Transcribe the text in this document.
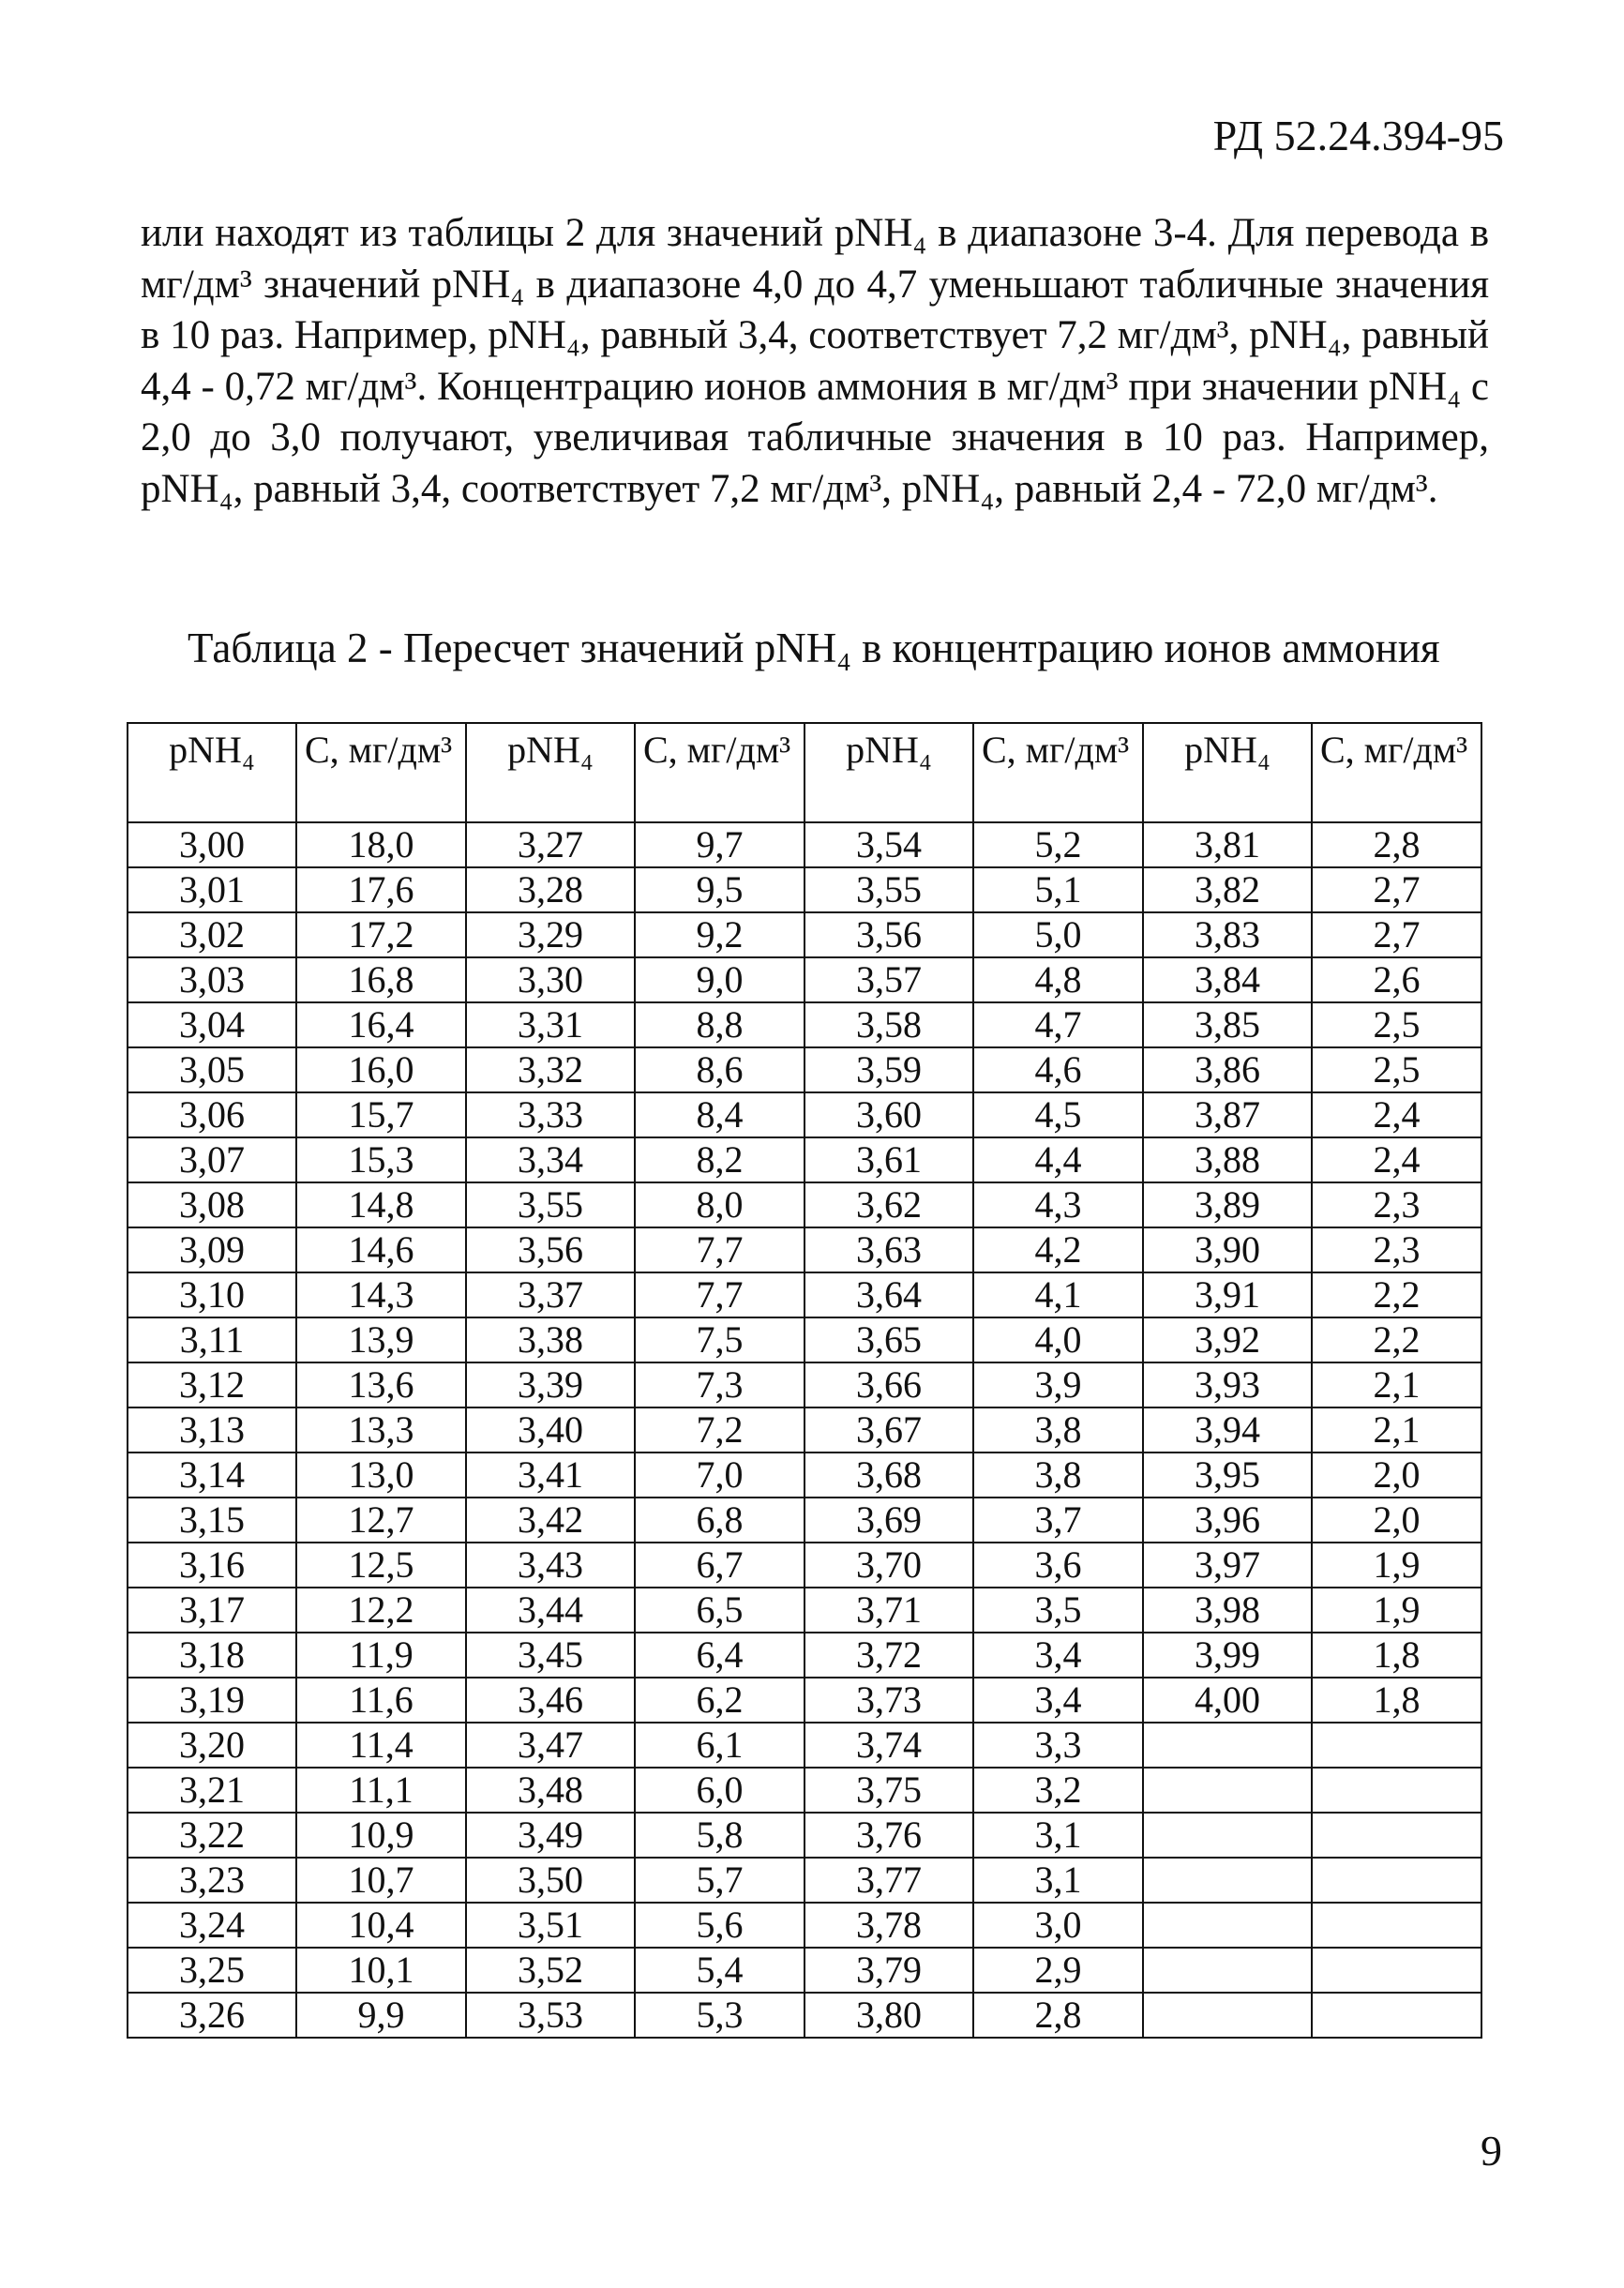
РД 52.24.394-95

или находят из таблицы 2 для значений pNH₄ в диапазоне 3-4. Для перевода в мг/дм³ значений pNH₄ в диапазоне 4,0 до 4,7 уменьшают табличные значения в 10 раз. Например, pNH₄, равный 3,4, соответствует 7,2 мг/дм³, pNH₄, равный 4,4 - 0,72 мг/дм³. Концентрацию ионов аммония в мг/дм³ при значении pNH₄ с 2,0 до 3,0 получают, увеличивая табличные значения в 10 раз. Например, pNH₄, равный 3,4, соответствует 7,2 мг/дм³, pNH₄, равный 2,4 - 72,0 мг/дм³.

Таблица 2 - Пересчет значений pNH₄ в концентрацию ионов аммония
pNH₄	С, мг/дм³	pNH₄	С, мг/дм³	pNH₄	С, мг/дм³	pNH₄	С, мг/дм³
3,00	18,0	3,27	9,7	3,54	5,2	3,81	2,8
3,01	17,6	3,28	9,5	3,55	5,1	3,82	2,7
3,02	17,2	3,29	9,2	3,56	5,0	3,83	2,7
3,03	16,8	3,30	9,0	3,57	4,8	3,84	2,6
3,04	16,4	3,31	8,8	3,58	4,7	3,85	2,5
3,05	16,0	3,32	8,6	3,59	4,6	3,86	2,5
3,06	15,7	3,33	8,4	3,60	4,5	3,87	2,4
3,07	15,3	3,34	8,2	3,61	4,4	3,88	2,4
3,08	14,8	3,55	8,0	3,62	4,3	3,89	2,3
3,09	14,6	3,56	7,7	3,63	4,2	3,90	2,3
3,10	14,3	3,37	7,7	3,64	4,1	3,91	2,2
3,11	13,9	3,38	7,5	3,65	4,0	3,92	2,2
3,12	13,6	3,39	7,3	3,66	3,9	3,93	2,1
3,13	13,3	3,40	7,2	3,67	3,8	3,94	2,1
3,14	13,0	3,41	7,0	3,68	3,8	3,95	2,0
3,15	12,7	3,42	6,8	3,69	3,7	3,96	2,0
3,16	12,5	3,43	6,7	3,70	3,6	3,97	1,9
3,17	12,2	3,44	6,5	3,71	3,5	3,98	1,9
3,18	11,9	3,45	6,4	3,72	3,4	3,99	1,8
3,19	11,6	3,46	6,2	3,73	3,4	4,00	1,8
3,20	11,4	3,47	6,1	3,74	3,3		
3,21	11,1	3,48	6,0	3,75	3,2		
3,22	10,9	3,49	5,8	3,76	3,1		
3,23	10,7	3,50	5,7	3,77	3,1		
3,24	10,4	3,51	5,6	3,78	3,0		
3,25	10,1	3,52	5,4	3,79	2,9		
3,26	9,9	3,53	5,3	3,80	2,8		
9
